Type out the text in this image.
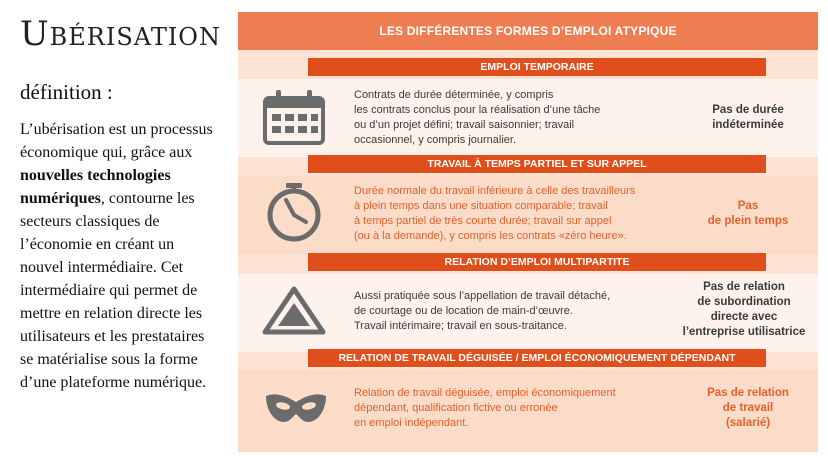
Ubérisation
définition :
L’ubérisation est un processus économique qui, grâce aux nouvelles technologies numériques, contourne les secteurs classiques de l’économie en créant un nouvel intermédiaire. Cet intermédiaire qui permet de mettre en relation directe les utilisateurs et les prestataires se matérialise sous la forme d’une plateforme numérique.
LES DIFFÉRENTES FORMES D’EMPLOI ATYPIQUE
EMPLOI TEMPORAIRE
Contrats de durée déterminée, y compris
les contrats conclus pour la réalisation d’une tâche
ou d’un projet défini; travail saisonnier; travail
occasionnel, y compris journalier.
Pas de durée
indéterminée
TRAVAIL À TEMPS PARTIEL ET SUR APPEL
Durée normale du travail inférieure à celle des travailleurs
à plein temps dans une situation comparable; travail
à temps partiel de très courte durée; travail sur appel
(ou à la demande), y compris les contrats «zéro heure».
Pas
de plein temps
RELATION D’EMPLOI MULTIPARTITE
Aussi pratiquée sous l’appellation de travail détaché,
de courtage ou de location de main-d’œuvre.
Travail intérimaire; travail en sous-traitance.
Pas de relation
de subordination
directe avec
l’entreprise utilisatrice
RELATION DE TRAVAIL DÉGUISÉE / EMPLOI ÉCONOMIQUEMENT DÉPENDANT
Relation de travail déguisée, emploi économiquement
dépendant, qualification fictive ou erronée
en emploi indépendant.
Pas de relation
de travail
(salarié)
